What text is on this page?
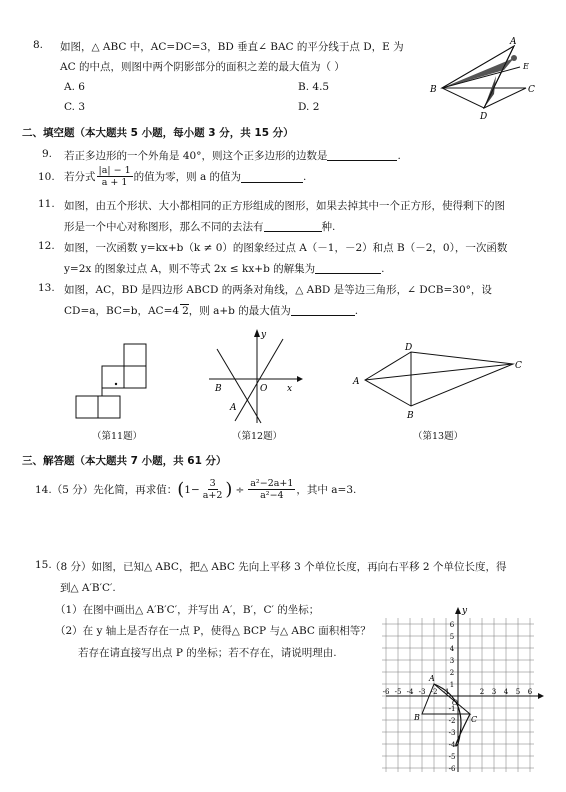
8. 如图，△ ABC 中，AC=DC=3，BD 垂直∠ BAC 的平分线于点 D，E 为
AC 的中点，则图中两个阴影部分的面积之差的最大值为（ ）
A. 6	B. 4.5
C. 3	D. 2
A
B	C
D
E
二、填空题（本大题共 5 小题，每小题 3 分，共 15 分）
9. 若正多边形的一个外角是 40°，则这个正多边形的边数是	.
10. 若分式 $\frac{|a| - 1}{a + 1}$ 的值为零，则 a 的值为	.
11. 如图，由五个形状、大小都相同的正方形组成的图形，如果去掉其中一个正方形，使得剩下的图
形是一个中心对称图形，那么不同的去法有	种.
12. 如图，一次函数 y=kx+b（k ≠ 0）的图象经过点 A（－1，－2）和点 B（－2，0），一次函数
y=2x 的图象过点 A，则不等式 2x ≤ kx+b 的解集为	.
13. 如图，AC，BD 是四边形 ABCD 的两条对角线，△ ABD 是等边三角形，∠ DCB=30°，设
CD=a，BC=b，AC=4 2，则 a+b 的最大值为	.
（第11题）
y
x
O
B
A
（第12题）
A
D
C
B
（第13题）
三、解答题（本大题共 7 小题，共 61 分）
14. （5 分）先化简，再求值： ( $1- \frac{3}{a+2}$ ) ÷ $\frac{\text{a²−2a+1}}{\text{a²−4}}$ ，其中 a=3.
15.
（8 分）如图，已知△ ABC，把△ ABC 先向上平移 3 个单位长度，再向右平移 2 个单位长度，得
到△ A′B′C′.
（1）在图中画出△ A′B′C′，并写出 A′，B′，C′ 的坐标；
（2）在 y 轴上是否存在一点 P，使得△ BCP 与△ ABC 面积相等？
若存在请直接写出点 P 的坐标；若不存在，请说明理由.
y
A
B	C
O
6
5
4
3
2
1
-1
-2
-3
-4
-5
-6
-6 -5 -4 -3 -2 -1	2 3 4 5 6
